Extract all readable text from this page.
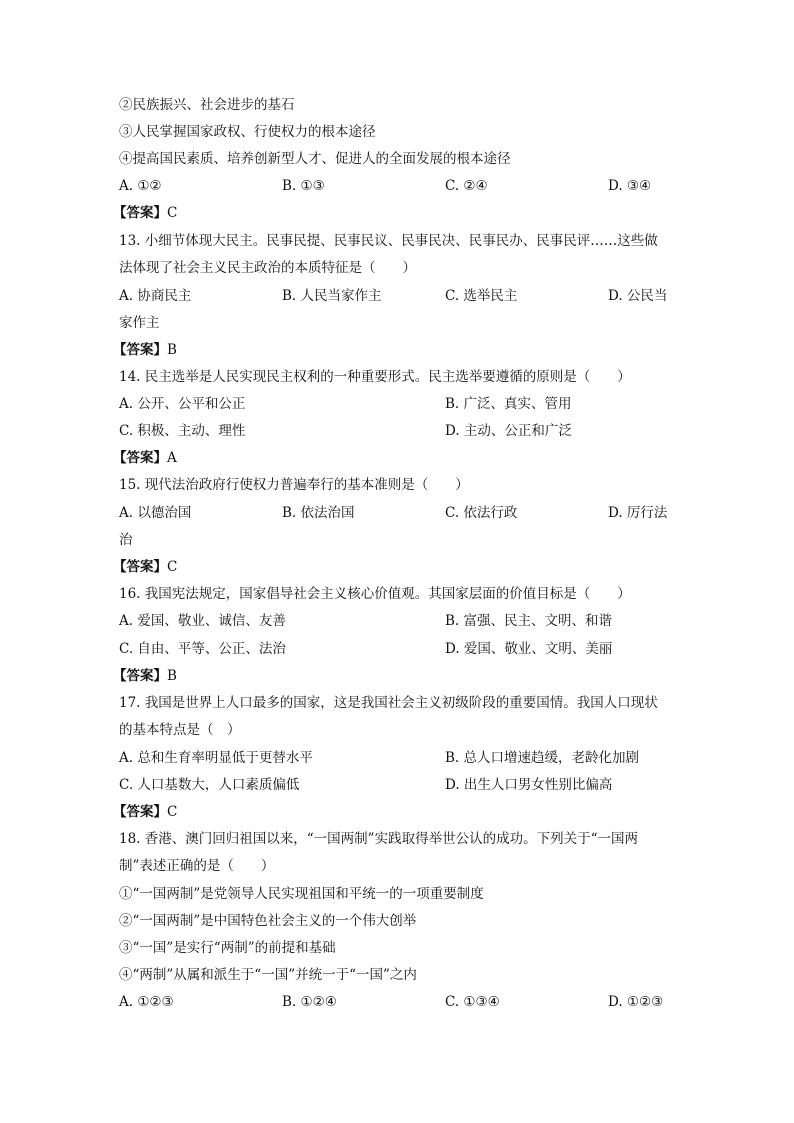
②民族振兴、社会进步的基石
③人民掌握国家政权、行使权力的根本途径
④提高国民素质、培养创新型人才、促进人的全面发展的根本途径
A. ①②	B. ①③	C. ②④	D. ③④
【答案】C
13. 小细节体现大民主。民事民提、民事民议、民事民决、民事民办、民事民评……这些做
法体现了社会主义民主政治的本质特征是（　　）
A. 协商民主	B. 人民当家作主	C. 选举民主	D. 公民当
家作主
【答案】B
14. 民主选举是人民实现民主权利的一种重要形式。民主选举要遵循的原则是（　　）
A. 公开、公平和公正	B. 广泛、真实、管用
C. 积极、主动、理性	D. 主动、公正和广泛
【答案】A
15. 现代法治政府行使权力普遍奉行的基本准则是（　　）
A. 以德治国	B. 依法治国	C. 依法行政	D. 厉行法
治
【答案】C
16. 我国宪法规定，国家倡导社会主义核心价值观。其国家层面的价值目标是（　　）
A. 爱国、敬业、诚信、友善	B. 富强、民主、文明、和谐
C. 自由、平等、公正、法治	D. 爱国、敬业、文明、美丽
【答案】B
17. 我国是世界上人口最多的国家，这是我国社会主义初级阶段的重要国情。我国人口现状
的基本特点是（　）
A. 总和生育率明显低于更替水平	B. 总人口增速趋缓，老龄化加剧
C. 人口基数大，人口素质偏低	D. 出生人口男女性别比偏高
【答案】C
18. 香港、澳门回归祖国以来，“一国两制”实践取得举世公认的成功。下列关于“一国两
制”表述正确的是（　　）
①“一国两制”是党领导人民实现祖国和平统一的一项重要制度
②“一国两制”是中国特色社会主义的一个伟大创举
③“一国”是实行“两制”的前提和基础
④“两制”从属和派生于“一国”并统一于“一国”之内
A. ①②③	B. ①②④	C. ①③④	D. ①②③
